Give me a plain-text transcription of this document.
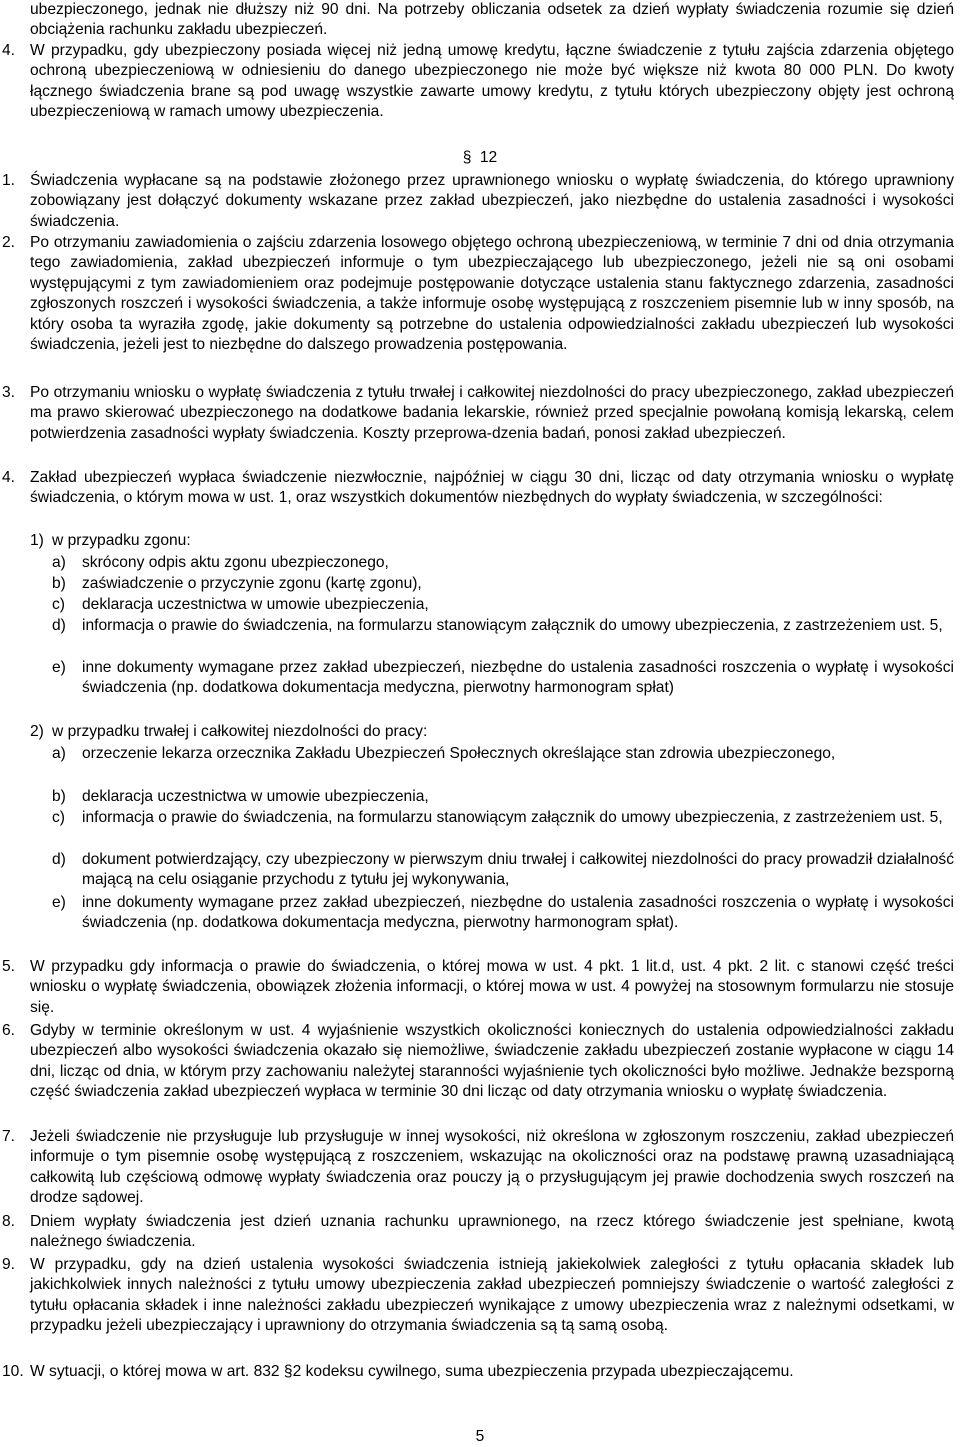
ubezpieczonego, jednak nie dłuższy niż 90 dni. Na potrzeby obliczania odsetek za dzień wypłaty świadczenia rozumie się dzień obciążenia rachunku zakładu ubezpieczeń.

4. W przypadku, gdy ubezpieczony posiada więcej niż jedną umowę kredytu, łączne świadczenie z tytułu zajścia zdarzenia objętego ochroną ubezpieczeniową w odniesieniu do danego ubezpieczonego nie może być większe niż kwota 80 000 PLN. Do kwoty łącznego świadczenia brane są pod uwagę wszystkie zawarte umowy kredytu, z tytułu których ubezpieczony objęty jest ochroną ubezpieczeniową w ramach umowy ubezpieczenia.
§ 12
1. Świadczenia wypłacane są na podstawie złożonego przez uprawnionego wniosku o wypłatę świadczenia, do którego uprawniony zobowiązany jest dołączyć dokumenty wskazane przez zakład ubezpieczeń, jako niezbędne do ustalenia zasadności i wysokości świadczenia.
2. Po otrzymaniu zawiadomienia o zajściu zdarzenia losowego objętego ochroną ubezpieczeniową, w terminie 7 dni od dnia otrzymania tego zawiadomienia, zakład ubezpieczeń informuje o tym ubezpieczającego lub ubezpieczonego, jeżeli nie są oni osobami występującymi z tym zawiadomieniem oraz podejmuje postępowanie dotyczące ustalenia stanu faktycznego zdarzenia, zasadności zgłoszonych roszczeń i wysokości świadczenia, a także informuje osobę występującą z roszczeniem pisemnie lub w inny sposób, na który osoba ta wyraziła zgodę, jakie dokumenty są potrzebne do ustalenia odpowiedzialności zakładu ubezpieczeń lub wysokości świadczenia, jeżeli jest to niezbędne do dalszego prowadzenia postępowania.
3. Po otrzymaniu wniosku o wypłatę świadczenia z tytułu trwałej i całkowitej niezdolności do pracy ubezpieczonego, zakład ubezpieczeń ma prawo skierować ubezpieczonego na dodatkowe badania lekarskie, również przed specjalnie powołaną komisją lekarską, celem potwierdzenia zasadności wypłaty świadczenia. Koszty przeprowa-dzenia badań, ponosi zakład ubezpieczeń.
4. Zakład ubezpieczeń wypłaca świadczenie niezwłocznie, najpóźniej w ciągu 30 dni, licząc od daty otrzymania wniosku o wypłatę świadczenia, o którym mowa w ust. 1, oraz wszystkich dokumentów niezbędnych do wypłaty świadczenia, w szczególności:
1) w przypadku zgonu:
a)	skrócony odpis aktu zgonu ubezpieczonego,
b)	zaświadczenie o przyczynie zgonu (kartę zgonu),
c)	deklaracja uczestnictwa w umowie ubezpieczenia,
d)	informacja o prawie do świadczenia, na formularzu stanowiącym załącznik do umowy ubezpieczenia, z zastrzeżeniem ust. 5,
e)	inne dokumenty wymagane przez zakład ubezpieczeń, niezbędne do ustalenia zasadności roszczenia o wypłatę i wysokości świadczenia (np. dodatkowa dokumentacja medyczna, pierwotny harmonogram spłat)
2) w przypadku trwałej i całkowitej niezdolności do pracy:
a)	orzeczenie lekarza orzecznika Zakładu Ubezpieczeń Społecznych określające stan zdrowia ubezpieczonego,
b)	deklaracja uczestnictwa w umowie ubezpieczenia,
c)	informacja o prawie do świadczenia, na formularzu stanowiącym załącznik do umowy ubezpieczenia, z zastrzeżeniem ust. 5,
d)	dokument potwierdzający, czy ubezpieczony w pierwszym dniu trwałej i całkowitej niezdolności do pracy prowadził działalność mającą na celu osiąganie przychodu z tytułu jej wykonywania,
e)	inne dokumenty wymagane przez zakład ubezpieczeń, niezbędne do ustalenia zasadności roszczenia o wypłatę i wysokości świadczenia (np. dodatkowa dokumentacja medyczna, pierwotny harmonogram spłat).
5. W przypadku gdy informacja o prawie do świadczenia, o której mowa w ust. 4 pkt. 1 lit.d, ust. 4 pkt. 2 lit. c stanowi część treści wniosku o wypłatę świadczenia, obowiązek złożenia informacji, o której mowa w ust. 4 powyżej na stosownym formularzu nie stosuje się.
6. Gdyby w terminie określonym w ust. 4 wyjaśnienie wszystkich okoliczności koniecznych do ustalenia odpowiedzialności zakładu ubezpieczeń albo wysokości świadczenia okazało się niemożliwe, świadczenie zakładu ubezpieczeń zostanie wypłacone w ciągu 14 dni, licząc od dnia, w którym przy zachowaniu należytej staranności wyjaśnienie tych okoliczności było możliwe. Jednakże bezsporną część świadczenia zakład ubezpieczeń wypłaca w terminie 30 dni licząc od daty otrzymania wniosku o wypłatę świadczenia.
7. Jeżeli świadczenie nie przysługuje lub przysługuje w innej wysokości, niż określona w zgłoszonym roszczeniu, zakład ubezpieczeń informuje o tym pisemnie osobę występującą z roszczeniem, wskazując na okoliczności oraz na podstawę prawną uzasadniającą całkowitą lub częściową odmowę wypłaty świadczenia oraz pouczy ją o przysługującym jej prawie dochodzenia swych roszczeń na drodze sądowej.
8. Dniem wypłaty świadczenia jest dzień uznania rachunku uprawnionego, na rzecz którego świadczenie jest spełniane, kwotą należnego świadczenia.
9. W przypadku, gdy na dzień ustalenia wysokości świadczenia istnieją jakiekolwiek zaległości z tytułu opłacania składek lub jakichkolwiek innych należności z tytułu umowy ubezpieczenia zakład ubezpieczeń pomniejszy świadczenie o wartość zaległości z tytułu opłacania składek i inne należności zakładu ubezpieczeń wynikające z umowy ubezpieczenia wraz z należnymi odsetkami, w przypadku jeżeli ubezpieczający i uprawniony do otrzymania świadczenia są tą samą osobą.
10. W sytuacji, o której mowa w art. 832 §2 kodeksu cywilnego, suma ubezpieczenia przypada ubezpieczającemu.
5
